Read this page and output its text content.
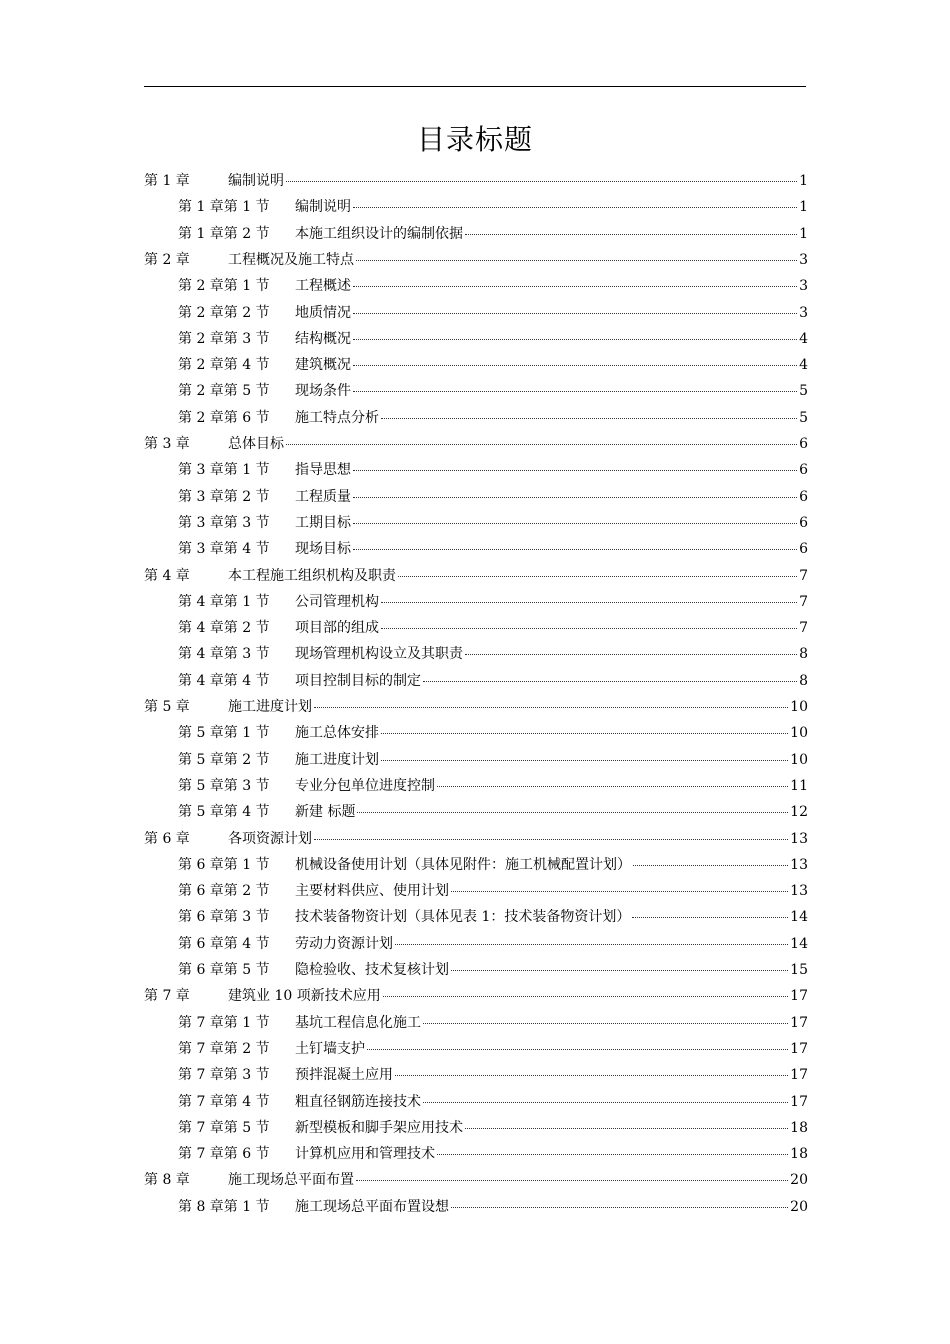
目录标题
第 1 章	编制说明	1
第 1 章第 1 节	编制说明	1
第 1 章第 2 节	本施工组织设计的编制依据	1
第 2 章	工程概况及施工特点	3
第 2 章第 1 节	工程概述	3
第 2 章第 2 节	地质情况	3
第 2 章第 3 节	结构概况	4
第 2 章第 4 节	建筑概况	4
第 2 章第 5 节	现场条件	5
第 2 章第 6 节	施工特点分析	5
第 3 章	总体目标	6
第 3 章第 1 节	指导思想	6
第 3 章第 2 节	工程质量	6
第 3 章第 3 节	工期目标	6
第 3 章第 4 节	现场目标	6
第 4 章	本工程施工组织机构及职责	7
第 4 章第 1 节	公司管理机构	7
第 4 章第 2 节	项目部的组成	7
第 4 章第 3 节	现场管理机构设立及其职责	8
第 4 章第 4 节	项目控制目标的制定	8
第 5 章	施工进度计划	10
第 5 章第 1 节	施工总体安排	10
第 5 章第 2 节	施工进度计划	10
第 5 章第 3 节	专业分包单位进度控制	11
第 5 章第 4 节	新建 标题	12
第 6 章	各项资源计划	13
第 6 章第 1 节	机械设备使用计划（具体见附件：施工机械配置计划）	13
第 6 章第 2 节	主要材料供应、使用计划	13
第 6 章第 3 节	技术装备物资计划（具体见表 1：技术装备物资计划）	14
第 6 章第 4 节	劳动力资源计划	14
第 6 章第 5 节	隐检验收、技术复核计划	15
第 7 章	建筑业 10 项新技术应用	17
第 7 章第 1 节	基坑工程信息化施工	17
第 7 章第 2 节	土钉墙支护	17
第 7 章第 3 节	预拌混凝土应用	17
第 7 章第 4 节	粗直径钢筋连接技术	17
第 7 章第 5 节	新型模板和脚手架应用技术	18
第 7 章第 6 节	计算机应用和管理技术	18
第 8 章	施工现场总平面布置	20
第 8 章第 1 节	施工现场总平面布置设想	20
